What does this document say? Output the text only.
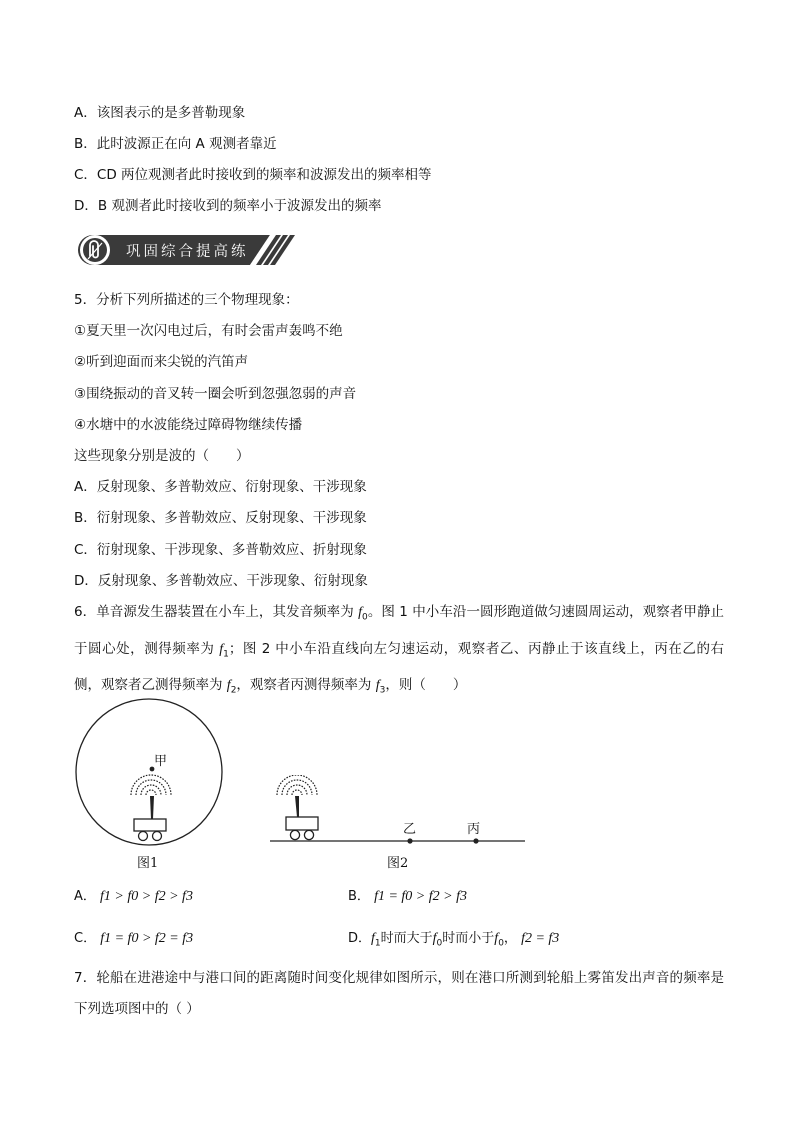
A．该图表示的是多普勒现象
B．此时波源正在向 A 观测者靠近
C．CD 两位观测者此时接收到的频率和波源发出的频率相等
D．B 观测者此时接收到的频率小于波源发出的频率
巩固综合提高练
5．分析下列所描述的三个物理现象：
①夏天里一次闪电过后，有时会雷声轰鸣不绝
②听到迎面而来尖锐的汽笛声
③围绕振动的音叉转一圈会听到忽强忽弱的声音
④水塘中的水波能绕过障碍物继续传播
这些现象分别是波的（　　）
A．反射现象、多普勒效应、衍射现象、干涉现象
B．衍射现象、多普勒效应、反射现象、干涉现象
C．衍射现象、干涉现象、多普勒效应、折射现象
D．反射现象、多普勒效应、干涉现象、衍射现象
6．单音源发生器装置在小车上，其发音频率为 $f_0$。图 1 中小车沿一圆形跑道做匀速圆周运动，观察者甲静止于圆心处，测得频率为 $f_1$；图 2 中小车沿直线向左匀速运动，观察者乙、丙静止于该直线上，丙在乙的右侧，观察者乙测得频率为 $f_2$，观察者丙测得频率为 $f_3$，则（　　）
甲
图1
乙	丙
图2
A． f1 > f0 > f2 > f3	B． f1 = f0 > f2 > f3
C． f1 = f0 > f2 = f3	D．$f_1$时而大于$f_0$时而小于$f_0$， f2 = f3
7．轮船在进港途中与港口间的距离随时间变化规律如图所示，则在港口所测到轮船上雾笛发出声音的频率是下列选项图中的（ ）
